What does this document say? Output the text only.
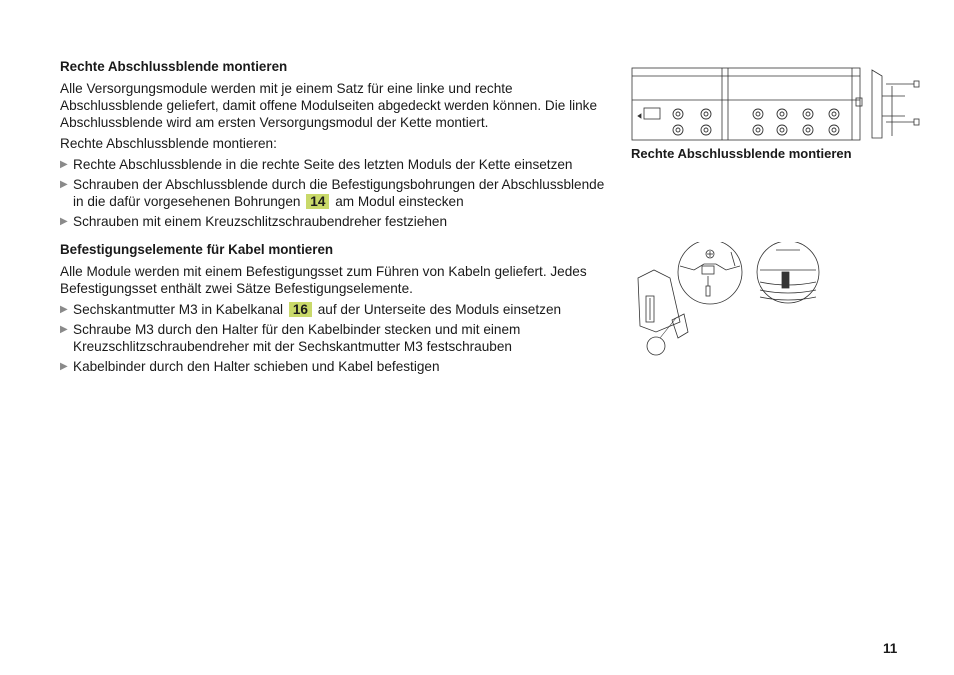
Rechte Abschlussblende montieren

Alle Versorgungsmodule werden mit je einem Satz für eine linke und rechte Abschlussblende geliefert, damit offene Modulseiten abgedeckt werden können. Die linke Abschlussblende wird am ersten Versorgungsmodul der Kette montiert.

Rechte Abschlussblende montieren:

▶ Rechte Abschlussblende in die rechte Seite des letzten Moduls der Kette einsetzen
▶ Schrauben der Abschlussblende durch die Befestigungsbohrungen der Abschlussblende in die dafür vorgesehenen Bohrungen 14 am Modul einstecken
▶ Schrauben mit einem Kreuzschlitzschraubendreher festziehen
Befestigungselemente für Kabel montieren

Alle Module werden mit einem Befestigungsset zum Führen von Kabeln geliefert. Jedes Befestigungsset enthält zwei Sätze Befestigungselemente.

▶ Sechskantmutter M3 in Kabelkanal 16 auf der Unterseite des Moduls einsetzen
▶ Schraube M3 durch den Halter für den Kabelbinder stecken und mit einem Kreuzschlitzschraubendreher mit der Sechskantmutter M3 festschrauben
▶ Kabelbinder durch den Halter schieben und Kabel befestigen
Rechte Abschlussblende montieren
11
